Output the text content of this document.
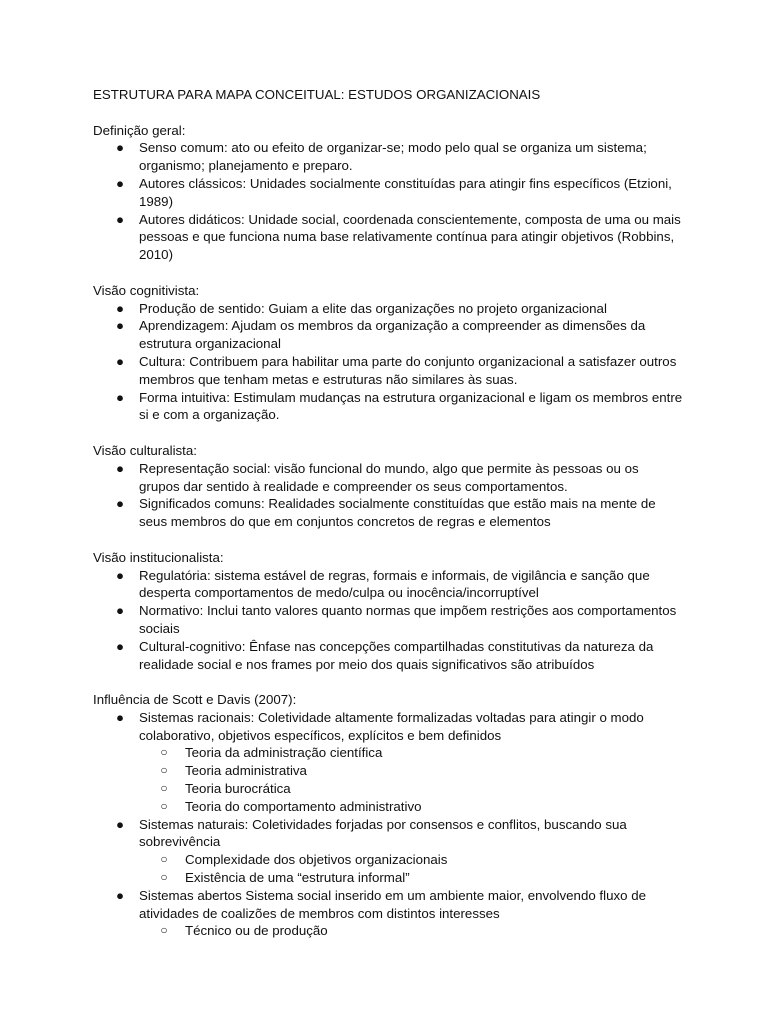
ESTRUTURA PARA MAPA CONCEITUAL: ESTUDOS ORGANIZACIONAIS
Definição geral:
● Senso comum: ato ou efeito de organizar-se; modo pelo qual se organiza um sistema; organismo; planejamento e preparo.
● Autores clássicos: Unidades socialmente constituídas para atingir fins específicos (Etzioni, 1989)
● Autores didáticos: Unidade social, coordenada conscientemente, composta de uma ou mais pessoas e que funciona numa base relativamente contínua para atingir objetivos (Robbins, 2010)
Visão cognitivista:
● Produção de sentido: Guiam a elite das organizações no projeto organizacional
● Aprendizagem: Ajudam os membros da organização a compreender as dimensões da estrutura organizacional
● Cultura: Contribuem para habilitar uma parte do conjunto organizacional a satisfazer outros membros que tenham metas e estruturas não similares às suas.
● Forma intuitiva: Estimulam mudanças na estrutura organizacional e ligam os membros entre si e com a organização.
Visão culturalista:
● Representação social: visão funcional do mundo, algo que permite às pessoas ou os grupos dar sentido à realidade e compreender os seus comportamentos.
● Significados comuns: Realidades socialmente constituídas que estão mais na mente de seus membros do que em conjuntos concretos de regras e elementos
Visão institucionalista:
● Regulatória: sistema estável de regras, formais e informais, de vigilância e sanção que desperta comportamentos de medo/culpa ou inocência/incorruptível
● Normativo: Inclui tanto valores quanto normas que impõem restrições aos comportamentos sociais
● Cultural-cognitivo: Ênfase nas concepções compartilhadas constitutivas da natureza da realidade social e nos frames por meio dos quais significativos são atribuídos
Influência de Scott e Davis (2007):
● Sistemas racionais: Coletividade altamente formalizadas voltadas para atingir o modo colaborativo, objetivos específicos, explícitos e bem definidos
○ Teoria da administração científica
○ Teoria administrativa
○ Teoria burocrática
○ Teoria do comportamento administrativo
● Sistemas naturais: Coletividades forjadas por consensos e conflitos, buscando sua sobrevivência
○ Complexidade dos objetivos organizacionais
○ Existência de uma “estrutura informal”
● Sistemas abertos Sistema social inserido em um ambiente maior, envolvendo fluxo de atividades de coalizões de membros com distintos interesses
○ Técnico ou de produção
